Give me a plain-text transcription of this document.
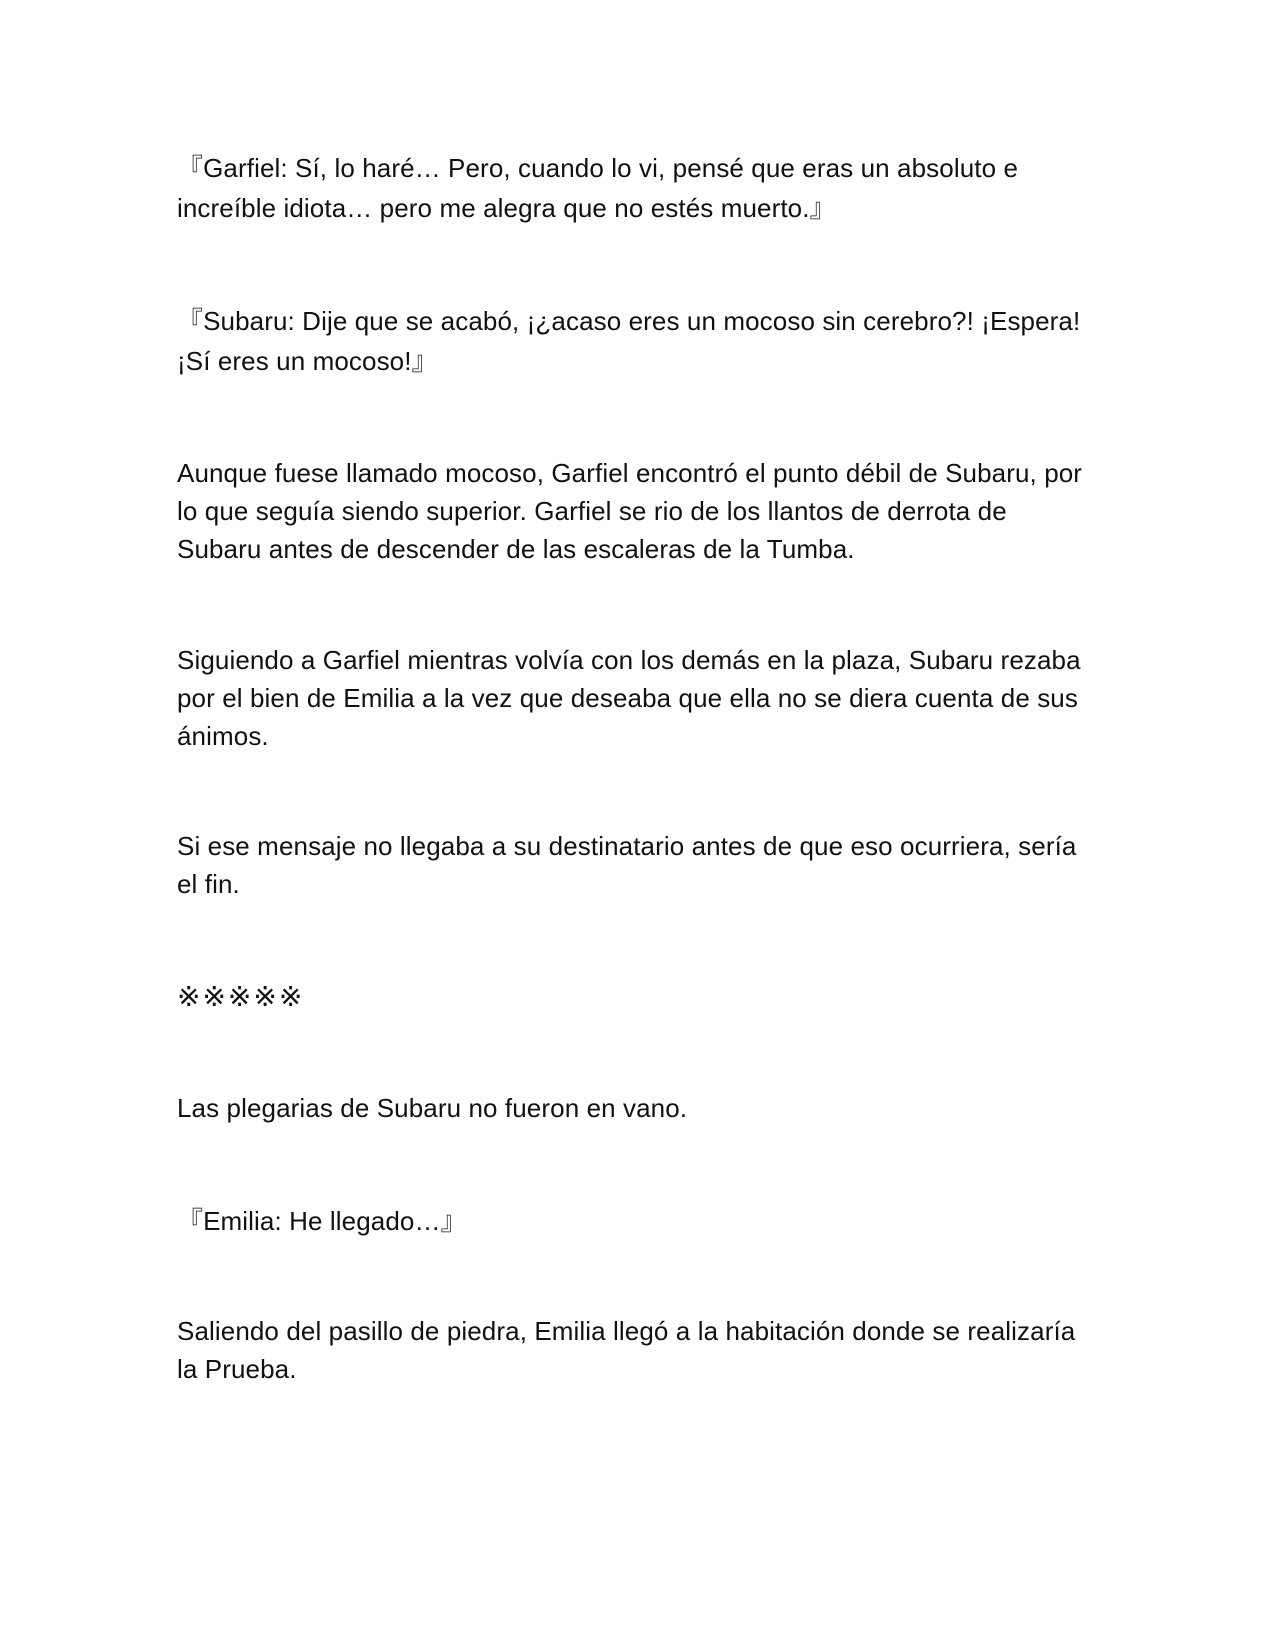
『Garfiel: Sí, lo haré… Pero, cuando lo vi, pensé que eras un absoluto e increíble idiota… pero me alegra que no estés muerto.』

『Subaru: Dije que se acabó, ¡¿acaso eres un mocoso sin cerebro?! ¡Espera! ¡Sí eres un mocoso!』

Aunque fuese llamado mocoso, Garfiel encontró el punto débil de Subaru, por lo que seguía siendo superior. Garfiel se rio de los llantos de derrota de Subaru antes de descender de las escaleras de la Tumba.

Siguiendo a Garfiel mientras volvía con los demás en la plaza, Subaru rezaba por el bien de Emilia a la vez que deseaba que ella no se diera cuenta de sus ánimos.

Si ese mensaje no llegaba a su destinatario antes de que eso ocurriera, sería el fin.

※※※※※

Las plegarias de Subaru no fueron en vano.

『Emilia: He llegado…』

Saliendo del pasillo de piedra, Emilia llegó a la habitación donde se realizaría la Prueba.
